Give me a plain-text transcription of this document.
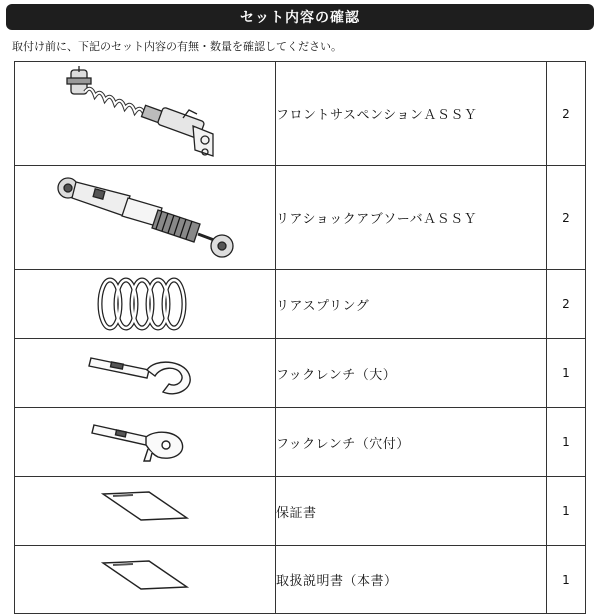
セット内容の確認
取付け前に、下記のセット内容の有無・数量を確認してください。
	フロントサスペンションＡＳＳＹ	2

	リアショックアブソーバＡＳＳＹ	2

	リアスプリング	2

	フックレンチ（大）	1

	フックレンチ（穴付）	1

	保証書	1

	取扱説明書（本書）	1
